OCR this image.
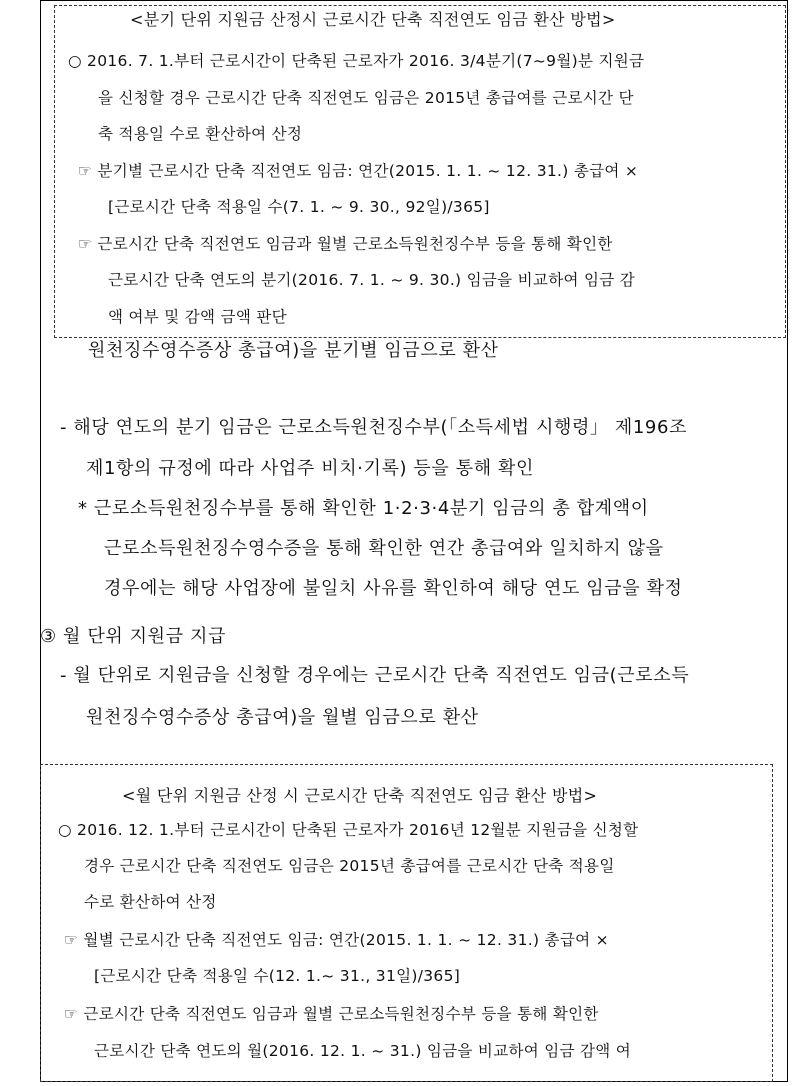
<분기 단위 지원금 산정시 근로시간 단축 직전연도 임금 환산 방법>
○ 2016. 7. 1.부터 근로시간이 단축된 근로자가 2016. 3/4분기(7~9월)분 지원금
을 신청할 경우 근로시간 단축 직전연도 임금은 2015년 총급여를 근로시간 단
축 적용일 수로 환산하여 산정
☞ 분기별 근로시간 단축 직전연도 임금: 연간(2015. 1. 1. ~ 12. 31.) 총급여 ×
[근로시간 단축 적용일 수(7. 1. ~ 9. 30., 92일)/365]
☞ 근로시간 단축 직전연도 임금과 월별 근로소득원천징수부 등을 통해 확인한
근로시간 단축 연도의 분기(2016. 7. 1. ~ 9. 30.) 임금을 비교하여 임금 감
액 여부 및 감액 금액 판단
원천징수영수증상 총급여)을 분기별 임금으로 환산
- 해당 연도의 분기 임금은 근로소득원천징수부(「소득세법 시행령」 제196조
제1항의 규정에 따라 사업주 비치·기록) 등을 통해 확인
* 근로소득원천징수부를 통해 확인한 1·2·3·4분기 임금의 총 합계액이
근로소득원천징수영수증을 통해 확인한 연간 총급여와 일치하지 않을
경우에는 해당 사업장에 불일치 사유를 확인하여 해당 연도 임금을 확정
③ 월 단위 지원금 지급
- 월 단위로 지원금을 신청할 경우에는 근로시간 단축 직전연도 임금(근로소득
원천징수영수증상 총급여)을 월별 임금으로 환산
<월 단위 지원금 산정 시 근로시간 단축 직전연도 임금 환산 방법>
○ 2016. 12. 1.부터 근로시간이 단축된 근로자가 2016년 12월분 지원금을 신청할
경우 근로시간 단축 직전연도 임금은 2015년 총급여를 근로시간 단축 적용일
수로 환산하여 산정
☞ 월별 근로시간 단축 직전연도 임금: 연간(2015. 1. 1. ~ 12. 31.) 총급여 ×
[근로시간 단축 적용일 수(12. 1.~ 31., 31일)/365]
☞ 근로시간 단축 직전연도 임금과 월별 근로소득원천징수부 등을 통해 확인한
근로시간 단축 연도의 월(2016. 12. 1. ~ 31.) 임금을 비교하여 임금 감액 여
